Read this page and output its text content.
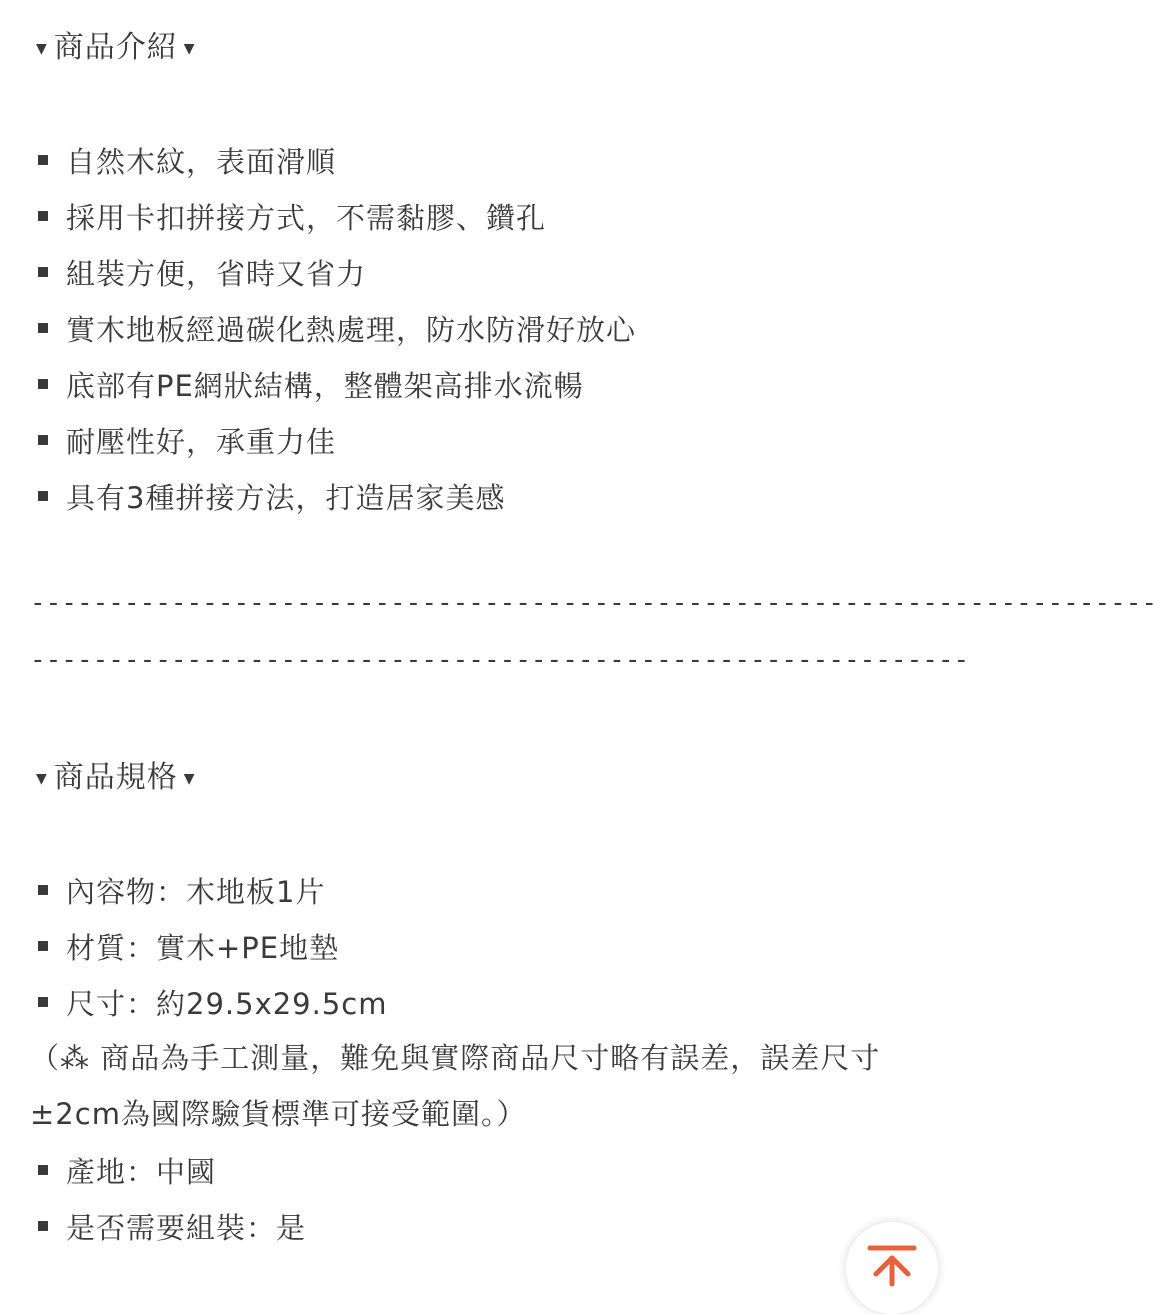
▼ 商品介紹 ▼
自然木紋，表面滑順
採用卡扣拼接方式，不需黏膠、鑽孔
組裝方便，省時又省力
實木地板經過碳化熱處理，防水防滑好放心
底部有PE網狀結構，整體架高排水流暢
耐壓性好，承重力佳
具有3種拼接方法，打造居家美感
------------------------------------------------------------------------
------------------------------------------------------------
▼ 商品規格 ▼
內容物：木地板1片
材質：實木+PE地墊
尺寸：約29.5x29.5cm
（⁂ 商品為手工測量，難免與實際商品尺寸略有誤差，誤差尺寸±2cm為國際驗貨標準可接受範圍。）
產地：中國
是否需要組裝：是
